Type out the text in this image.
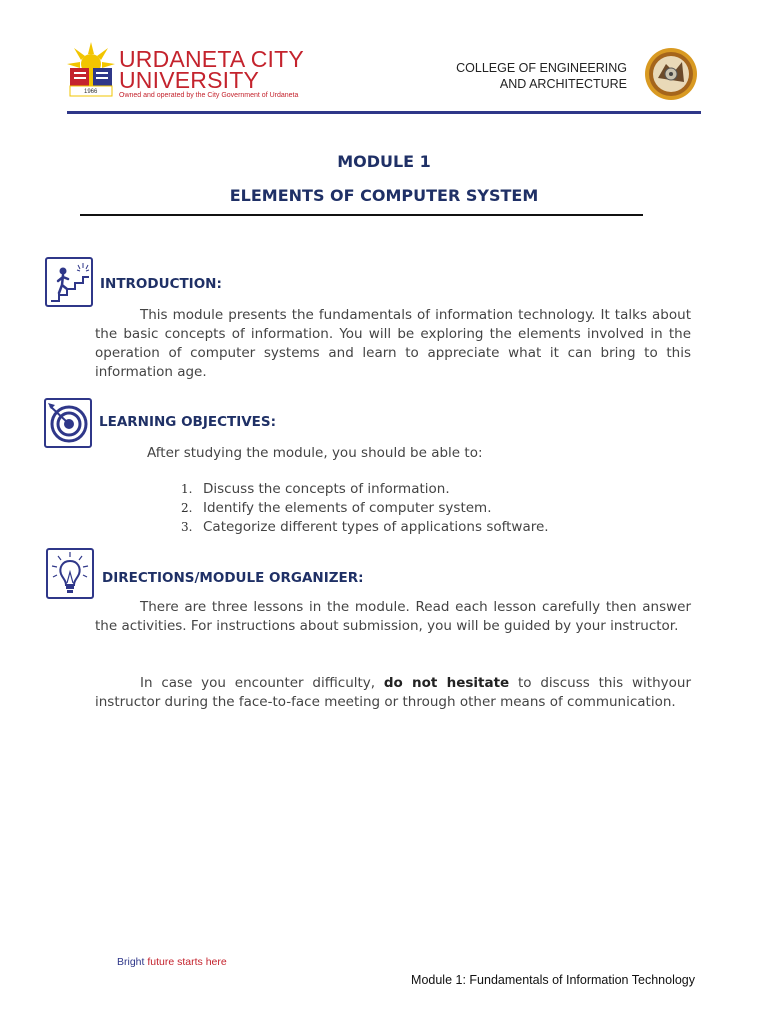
1966
URDANETA CITY
UNIVERSITY
Owned and operated by the City Government of Urdaneta
COLLEGE OF ENGINEERING
AND ARCHITECTURE
MODULE 1
ELEMENTS OF COMPUTER SYSTEM
INTRODUCTION:
This module presents the fundamentals of information technology. It talks about the basic concepts of information. You will be exploring the elements involved in the operation of computer systems and learn to appreciate what it can bring to this information age.
LEARNING OBJECTIVES:
After studying the module, you should be able to:
1. Discuss the concepts of information.
2. Identify the elements of computer system.
3. Categorize different types of applications software.
DIRECTIONS/MODULE ORGANIZER:
There are three lessons in the module. Read each lesson carefully then answer the activities. For instructions about submission, you will be guided by your instructor.
In case you encounter difficulty, do not hesitate to discuss this withyour instructor during the face-to-face meeting or through other means of communication.
Bright future starts here
Module 1: Fundamentals of Information Technology
